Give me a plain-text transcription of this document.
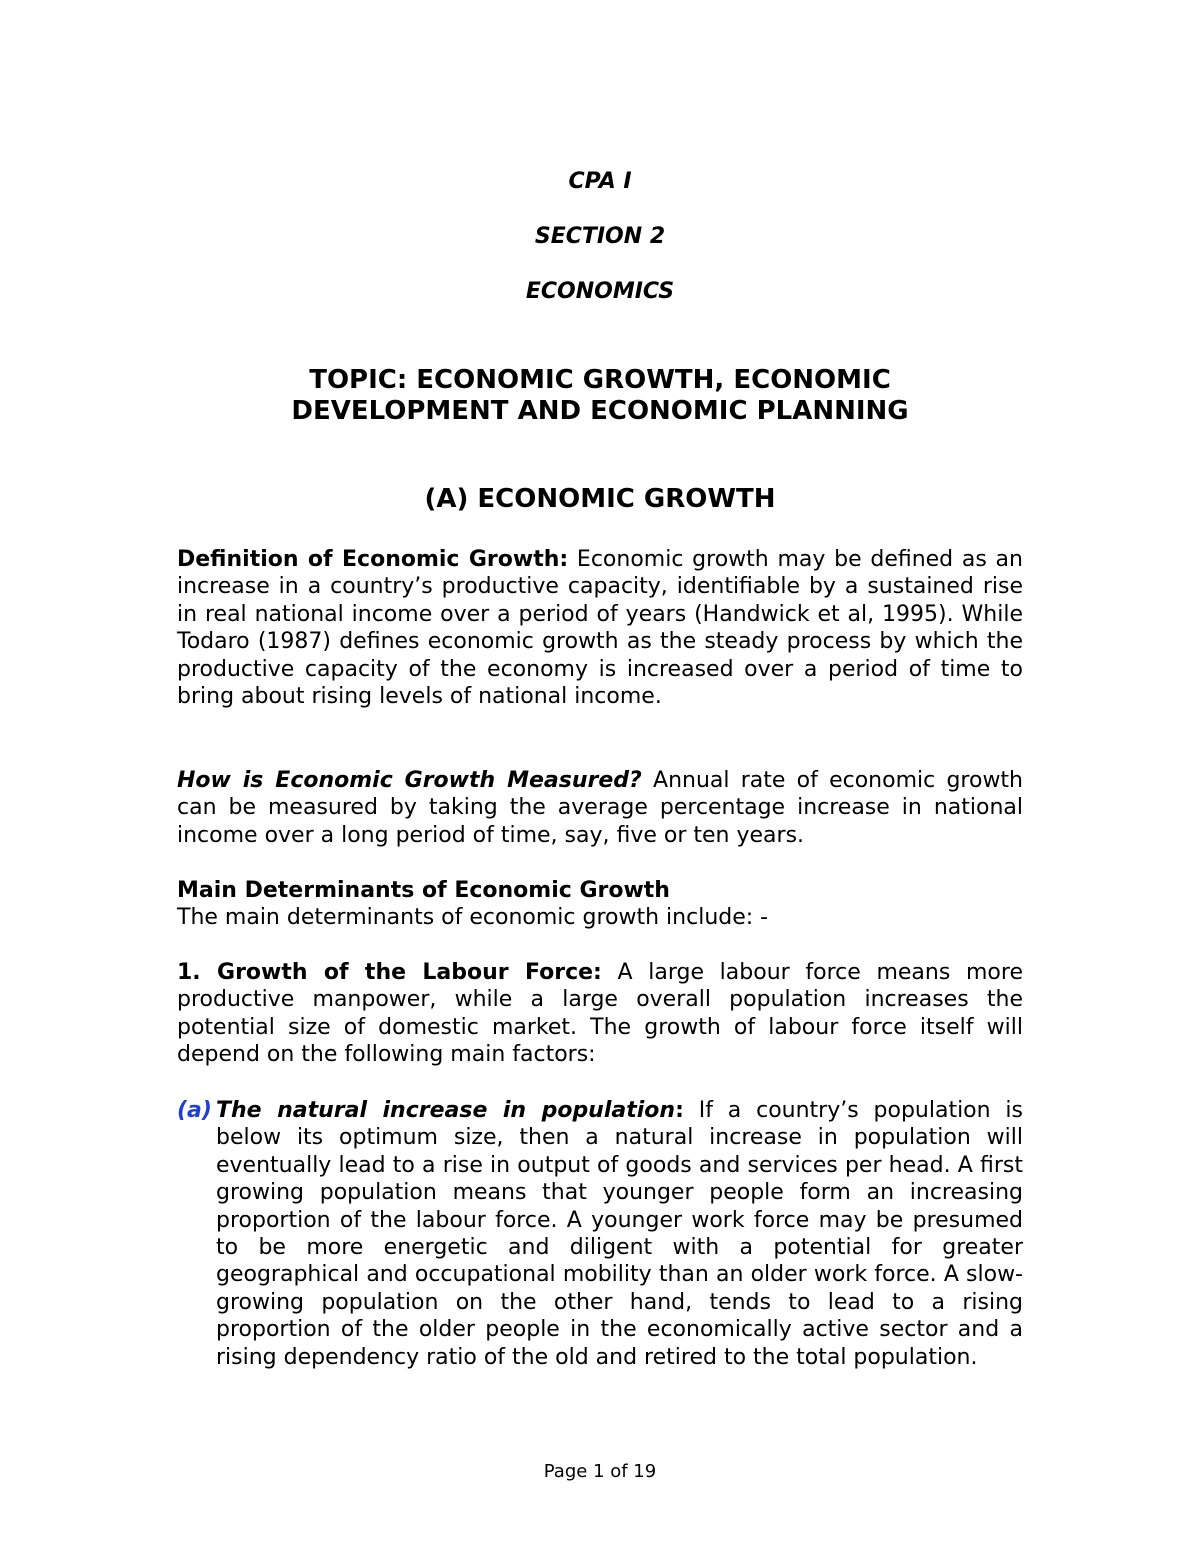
CPA I
SECTION 2
ECONOMICS
TOPIC: ECONOMIC GROWTH, ECONOMIC
DEVELOPMENT AND ECONOMIC PLANNING
(A) ECONOMIC GROWTH

Definition of Economic Growth: Economic growth may be defined as an increase in a country’s productive capacity, identifiable by a sustained rise in real national income over a period of years (Handwick et al, 1995). While Todaro (1987) defines economic growth as the steady process by which the productive capacity of the economy is increased over a period of time to bring about rising levels of national income.

How is Economic Growth Measured? Annual rate of economic growth can be measured by taking the average percentage increase in national income over a long period of time, say, five or ten years.

Main Determinants of Economic Growth
The main determinants of economic growth include: -

1. Growth of the Labour Force: A large labour force means more productive manpower, while a large overall population increases the potential size of domestic market. The growth of labour force itself will depend on the following main factors:

(a) The natural increase in population: If a country’s population is below its optimum size, then a natural increase in population will eventually lead to a rise in output of goods and services per head. A first growing population means that younger people form an increasing proportion of the labour force. A younger work force may be presumed to be more energetic and diligent with a potential for greater geographical and occupational mobility than an older work force. A slow-growing population on the other hand, tends to lead to a rising proportion of the older people in the economically active sector and a rising dependency ratio of the old and retired to the total population.

Page 1 of 19
